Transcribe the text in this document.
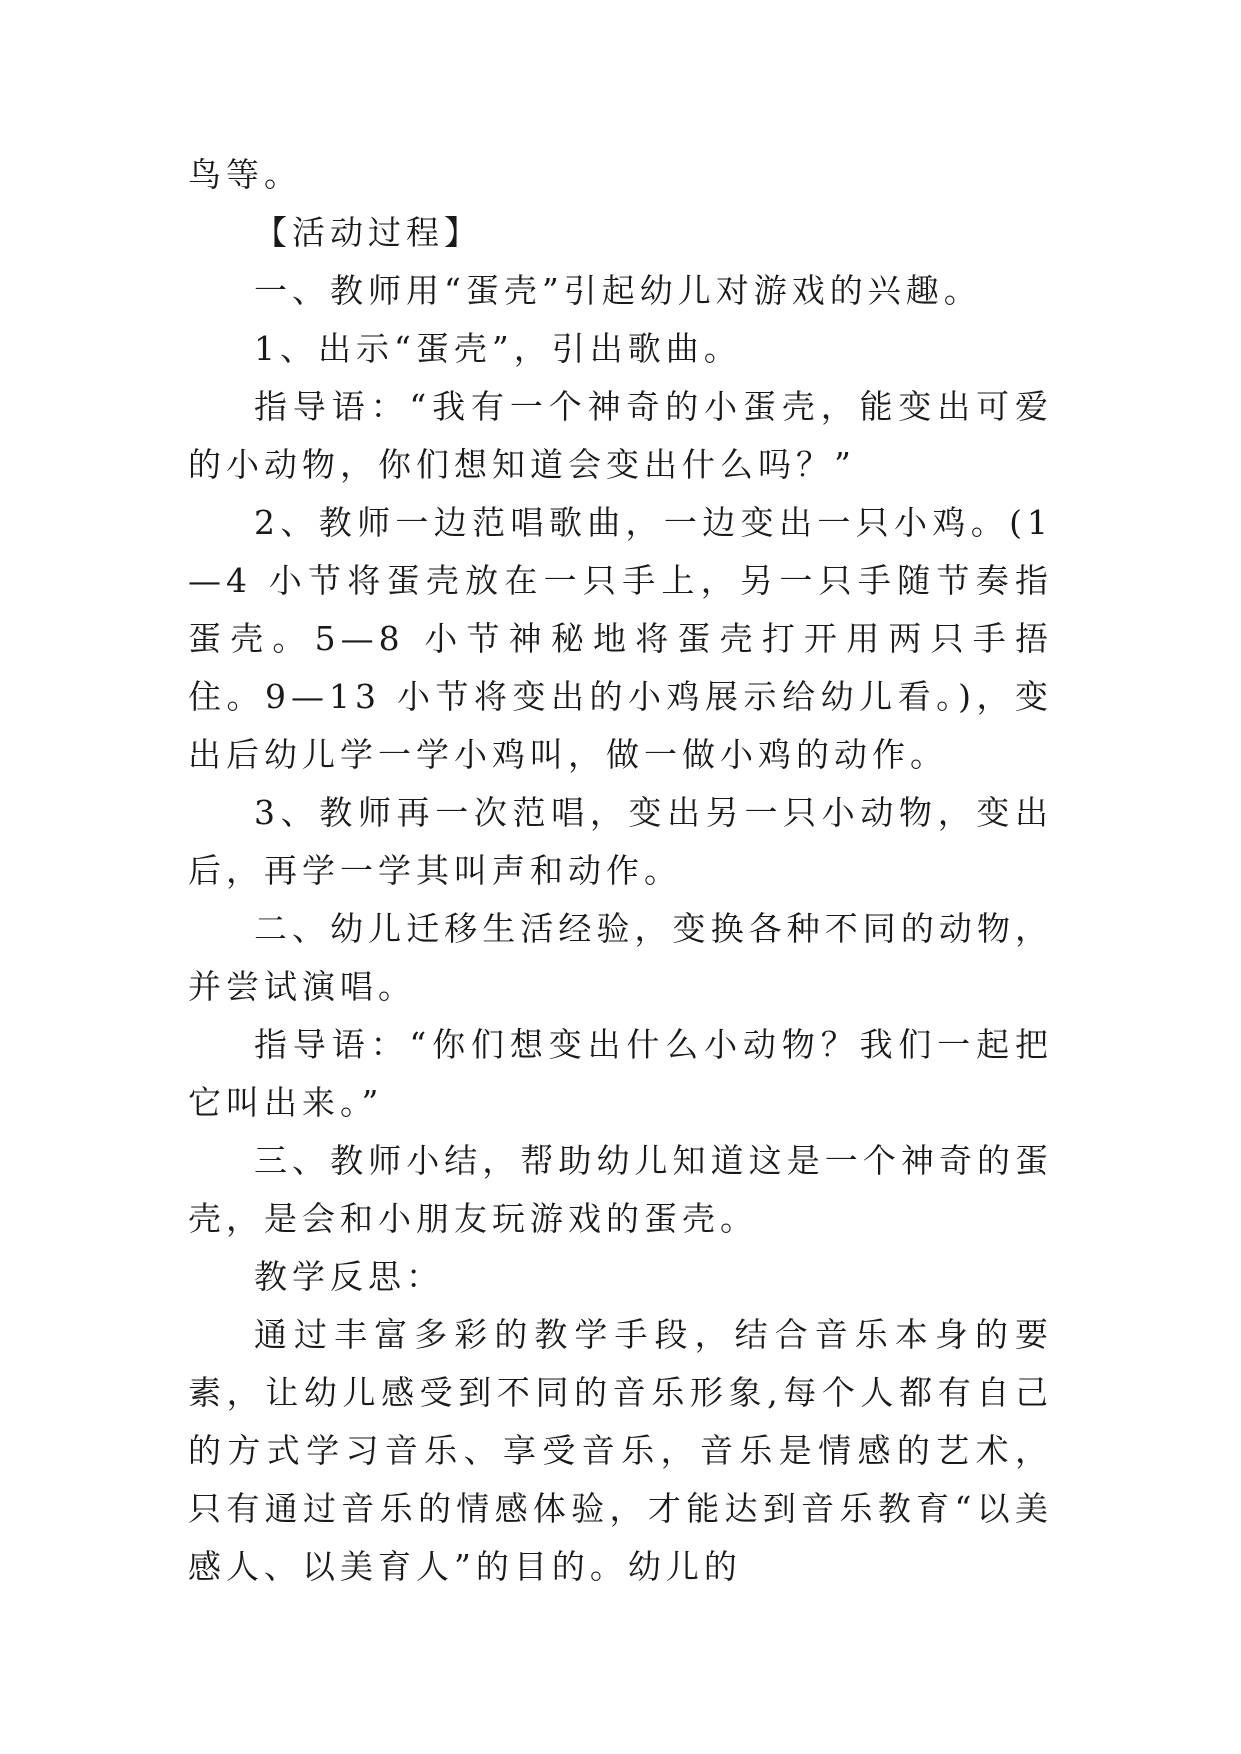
鸟等。

【活动过程】

一、教师用“蛋壳”引起幼儿对游戏的兴趣。

1、出示“蛋壳”，引出歌曲。

指导语：“我有一个神奇的小蛋壳，能变出可爱的小动物，你们想知道会变出什么吗？”

2、教师一边范唱歌曲，一边变出一只小鸡。(1—4 小节将蛋壳放在一只手上，另一只手随节奏指蛋壳。5—8 小节神秘地将蛋壳打开用两只手捂住。9—13 小节将变出的小鸡展示给幼儿看。)，变出后幼儿学一学小鸡叫，做一做小鸡的动作。

3、教师再一次范唱，变出另一只小动物，变出后，再学一学其叫声和动作。

二、幼儿迁移生活经验，变换各种不同的动物，并尝试演唱。

指导语：“你们想变出什么小动物？我们一起把它叫出来。”

三、教师小结，帮助幼儿知道这是一个神奇的蛋壳，是会和小朋友玩游戏的蛋壳。

教学反思：

通过丰富多彩的教学手段，结合音乐本身的要素，让幼儿感受到不同的音乐形象,每个人都有自己的方式学习音乐、享受音乐，音乐是情感的艺术，只有通过音乐的情感体验，才能达到音乐教育“以美感人、以美育人”的目的。幼儿的
